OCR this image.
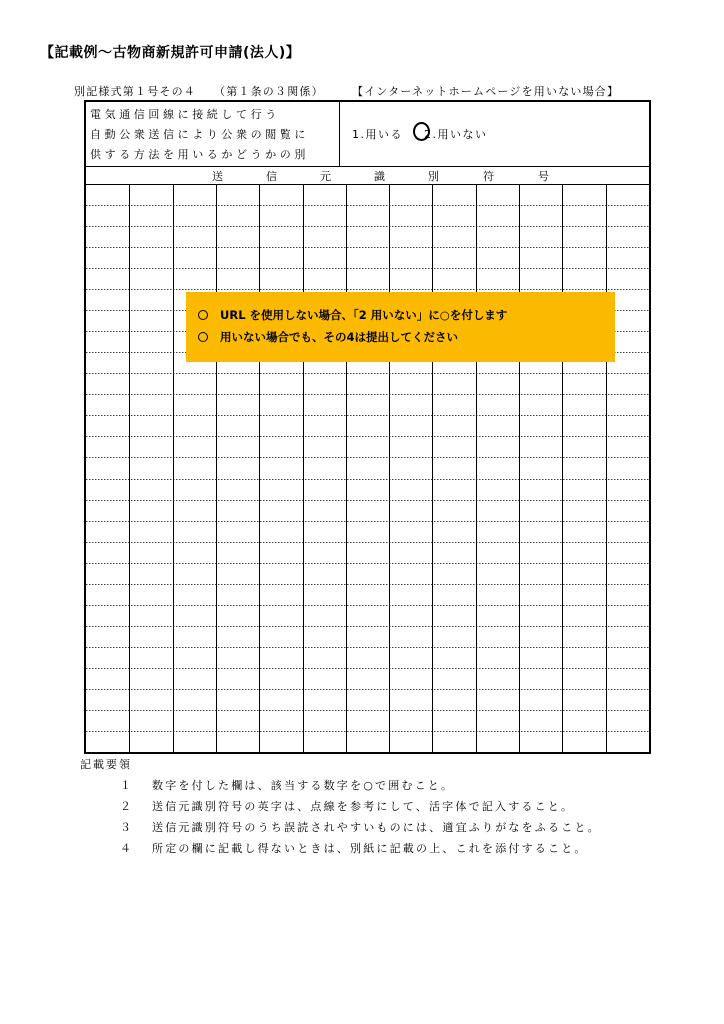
【記載例～古物商新規許可申請(法人)】
別記様式第１号その４ （第１条の３関係）	【インターネットホームページを用いない場合】
電気通信回線に接続して行う
自動公衆送信により公衆の閲覧に
供する方法を用いるかどうかの別
1.用いる 2.用いない
送	信	元	識	別	符	号
URL を使用しない場合、「2 用いない」に○を付します
用いない場合でも、その4は提出してください
記載要領
１ 数字を付した欄は、該当する数字を○で囲むこと。
２ 送信元識別符号の英字は、点線を参考にして、活字体で記入すること。
３ 送信元識別符号のうち誤読されやすいものには、適宜ふりがなをふること。
４ 所定の欄に記載し得ないときは、別紙に記載の上、これを添付すること。
